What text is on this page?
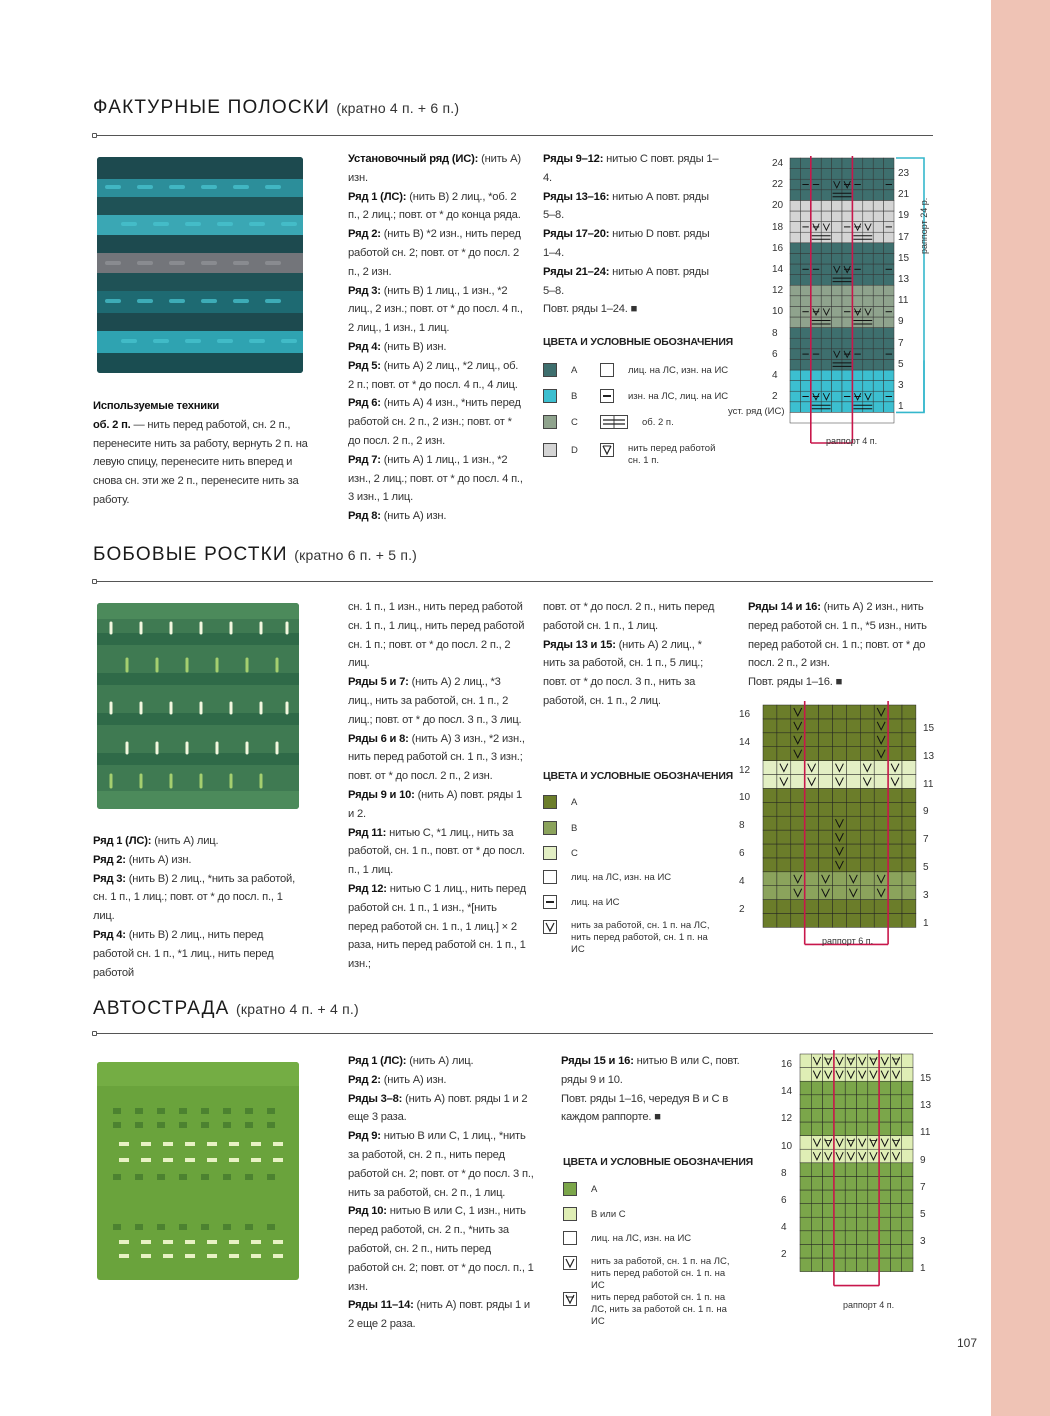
ФАКТУРНЫЕ ПОЛОСКИ (кратно 4 п. + 6 п.)

Используемые техники

об. 2 п. — нить перед работой, сн. 2 п., перенесите нить за работу, вернуть 2 п. на левую спицу, перенесите нить вперед и снова сн. эти же 2 п., перенесите нить за работу.

Установочный ряд (ИС): (нить А) изн.

Ряд 1 (ЛС): (нить В) 2 лиц., *об. 2 п., 2 лиц.; повт. от * до конца ряда.

Ряд 2: (нить В) *2 изн., нить перед работой сн. 2; повт. от * до посл. 2 п., 2 изн.

Ряд 3: (нить В) 1 лиц., 1 изн., *2 лиц., 2 изн.; повт. от * до посл. 4 п., 2 лиц., 1 изн., 1 лиц.

Ряд 4: (нить В) изн.

Ряд 5: (нить А) 2 лиц., *2 лиц., об. 2 п.; повт. от * до посл. 4 п., 4 лиц.

Ряд 6: (нить А) 4 изн., *нить перед работой сн. 2 п., 2 изн.; повт. от * до посл. 2 п., 2 изн.

Ряд 7: (нить А) 1 лиц., 1 изн., *2 изн., 2 лиц.; повт. от * до посл. 4 п., 3 изн., 1 лиц.

Ряд 8: (нить А) изн.

Ряды 9–12: нитью С повт. ряды 1–4.

Ряды 13–16: нитью А повт. ряды 5–8.

Ряды 17–20: нитью D повт. ряды 1–4.

Ряды 21–24: нитью А повт. ряды 5–8.

Повт. ряды 1–24. ■

ЦВЕТА И УСЛОВНЫЕ ОБОЗНАЧЕНИЯ
A
B
C
D
лиц. на ЛС, изн. на ИС
изн. на ЛС, лиц. на ИС
об. 2 п.
нить перед работой сн. 1 п.
раппорт 4 п.
раппорт 24 р.
уст. ряд (ИС)
БОБОВЫЕ РОСТКИ (кратно 6 п. + 5 п.)

Ряд 1 (ЛС): (нить А) лиц.

Ряд 2: (нить А) изн.

Ряд 3: (нить В) 2 лиц., *нить за работой, сн. 1 п., 1 лиц.; повт. от * до посл. п., 1 лиц.

Ряд 4: (нить В) 2 лиц., нить перед работой сн. 1 п., *1 лиц., нить перед работой

сн. 1 п., 1 изн., нить перед работой сн. 1 п., 1 лиц., нить перед работой сн. 1 п.; повт. от * до посл. 2 п., 2 лиц.

Ряды 5 и 7: (нить А) 2 лиц., *3 лиц., нить за работой, сн. 1 п., 2 лиц.; повт. от * до посл. 3 п., 3 лиц.

Ряды 6 и 8: (нить А) 3 изн., *2 изн., нить перед работой сн. 1 п., 3 изн.; повт. от * до посл. 2 п., 2 изн.

Ряды 9 и 10: (нить А) повт. ряды 1 и 2.

Ряд 11: нитью С, *1 лиц., нить за работой, сн. 1 п., повт. от * до посл. п., 1 лиц.

Ряд 12: нитью С 1 лиц., нить перед работой сн. 1 п., 1 изн., *[нить перед работой сн. 1 п., 1 лиц.] × 2 раза, нить перед работой сн. 1 п., 1 изн.;

повт. от * до посл. 2 п., нить перед работой сн. 1 п., 1 лиц.

Ряды 13 и 15: (нить А) 2 лиц., * нить за работой, сн. 1 п., 5 лиц.; повт. от * до посл. 3 п., нить за работой, сн. 1 п., 2 лиц.

Ряды 14 и 16: (нить А) 2 изн., нить перед работой сн. 1 п., *5 изн., нить перед работой сн. 1 п.; повт. от * до посл. 2 п., 2 изн.

Повт. ряды 1–16. ■

ЦВЕТА И УСЛОВНЫЕ ОБОЗНАЧЕНИЯ
A
B
C
лиц. на ЛС, изн. на ИС
лиц. на ИС
нить за работой, сн. 1 п. на ЛС, нить перед работой, сн. 1 п. на ИС
раппорт 6 п.
АВТОСТРАДА (кратно 4 п. + 4 п.)

Ряд 1 (ЛС): (нить А) лиц.

Ряд 2: (нить А) изн.

Ряды 3–8: (нить А) повт. ряды 1 и 2 еще 3 раза.

Ряд 9: нитью В или С, 1 лиц., *нить за работой, сн. 2 п., нить перед работой сн. 2; повт. от * до посл. 3 п., нить за работой, сн. 2 п., 1 лиц.

Ряд 10: нитью В или С, 1 изн., нить перед работой, сн. 2 п., *нить за работой, сн. 2 п., нить перед работой сн. 2; повт. от * до посл. п., 1 изн.

Ряды 11–14: (нить А) повт. ряды 1 и 2 еще 2 раза.

Ряды 15 и 16: нитью В или С, повт. ряды 9 и 10.

Повт. ряды 1–16, чередуя В и С в каждом раппорте. ■

ЦВЕТА И УСЛОВНЫЕ ОБОЗНАЧЕНИЯ
A
B или C
лиц. на ЛС, изн. на ИС
нить за работой, сн. 1 п. на ЛС, нить перед работой сн. 1 п. на ИС
нить перед работой сн. 1 п. на ЛС, нить за работой сн. 1 п. на ИС
раппорт 4 п.
107
24
22
20
18
16
14
12
10
8
6
4
2
23
21
19
17
15
13
11
9
7
5
3
1
16
14
12
10
8
6
4
2
15
13
11
9
7
5
3
1
16
14
12
10
8
6
4
2
15
13
11
9
7
5
3
1
